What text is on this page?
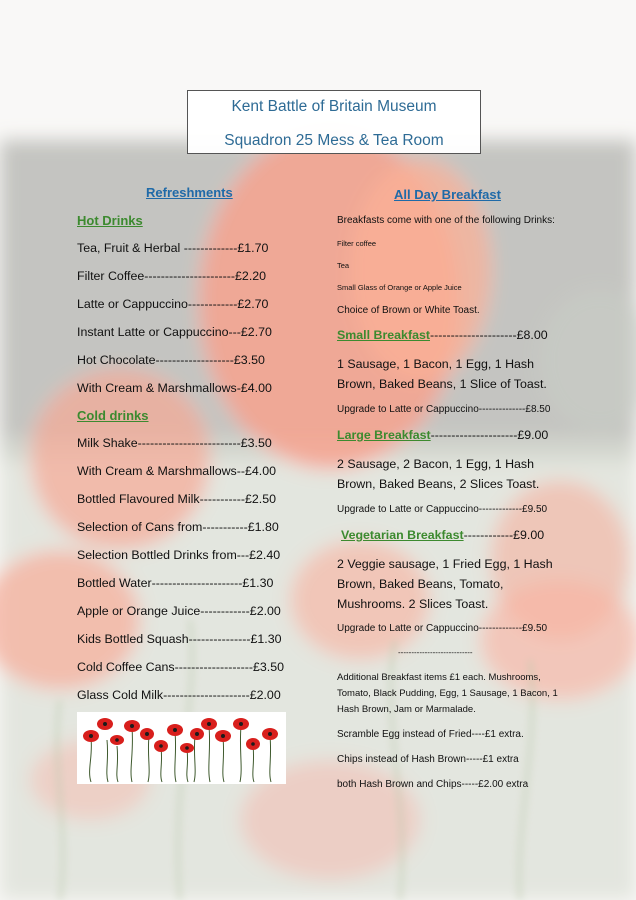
Kent Battle of Britain Museum
Squadron 25 Mess & Tea Room
Refreshments
Hot Drinks
Tea, Fruit & Herbal -------------£1.70
Filter Coffee----------------------£2.20
Latte or Cappuccino------------£2.70
Instant Latte or Cappuccino---£2.70
Hot Chocolate-------------------£3.50
With Cream & Marshmallows-£4.00
Cold drinks
Milk Shake-------------------------£3.50
With Cream & Marshmallows--£4.00
Bottled Flavoured Milk-----------£2.50
Selection of Cans from-----------£1.80
Selection Bottled Drinks from---£2.40
Bottled Water----------------------£1.30
Apple or Orange Juice------------£2.00
Kids Bottled Squash---------------£1.30
Cold Coffee Cans-------------------£3.50
Glass Cold Milk---------------------£2.00
All Day Breakfast
Breakfasts come with one of the following Drinks:
Filter coffee
Tea
Small Glass of Orange or Apple Juice
Choice of Brown or White Toast.
Small Breakfast---------------------£8.00
1 Sausage, 1 Bacon, 1 Egg, 1 Hash Brown, Baked Beans, 1 Slice of Toast.
Upgrade to Latte or Cappuccino--------------£8.50
Large Breakfast---------------------£9.00
2 Sausage, 2 Bacon, 1 Egg, 1 Hash Brown, Baked Beans, 2 Slices Toast.
Upgrade to Latte or Cappuccino-------------£9.50
Vegetarian Breakfast------------£9.00
2 Veggie sausage, 1 Fried Egg, 1 Hash Brown, Baked Beans, Tomato, Mushrooms. 2 Slices Toast.
Upgrade to Latte or Cappuccino-------------£9.50
----------------------------
Additional Breakfast items £1 each. Mushrooms, Tomato, Black Pudding, Egg, 1 Sausage, 1 Bacon, 1 Hash Brown, Jam or Marmalade.
Scramble Egg instead of Fried----£1 extra.
Chips instead of Hash Brown-----£1 extra
both Hash Brown and Chips-----£2.00 extra
